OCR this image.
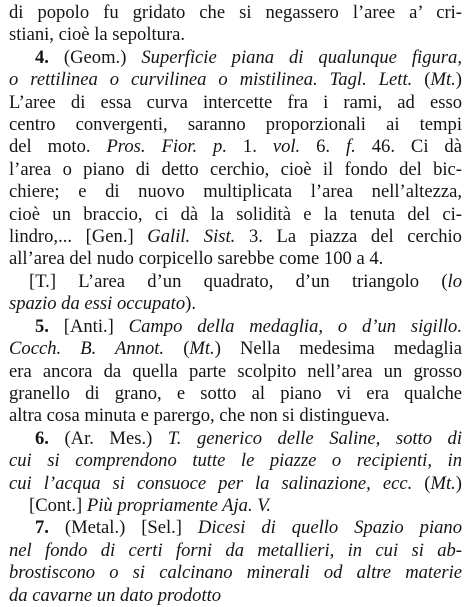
di popolo fu gridato che si negassero l’aree a’ cri-
stiani, cioè la sepoltura.
4. (Geom.) Superficie piana di qualunque figura,
o rettilinea o curvilinea o mistilinea. Tagl. Lett. (Mt.)
L’aree di essa curva intercette fra i rami, ad esso
centro convergenti, saranno proporzionali ai tempi
del moto. Pros. Fior. p. 1. vol. 6. f. 46. Ci dà
l’area o piano di detto cerchio, cioè il fondo del bic-
chiere; e di nuovo multiplicata l’area nell’altezza,
cioè un braccio, ci dà la solidità e la tenuta del ci-
lindro,... [Gen.] Galil. Sist. 3. La piazza del cerchio
all’area del nudo corpicello sarebbe come 100 a 4.
[T.] L’area d’un quadrato, d’un triangolo (lo
spazio da essi occupato).
5. [Anti.] Campo della medaglia, o d’un sigillo.
Cocch. B. Annot. (Mt.) Nella medesima medaglia
era ancora da quella parte scolpito nell’area un grosso
granello di grano, e sotto al piano vi era qualche
altra cosa minuta e parergo, che non si distingueva.
6. (Ar. Mes.) T. generico delle Saline, sotto di
cui si comprendono tutte le piazze o recipienti, in
cui l’acqua si consuoce per la salinazione, ecc. (Mt.)
[Cont.] Più propriamente Aja. V.
7. (Metal.) [Sel.] Dicesi di quello Spazio piano
nel fondo di certi forni da metallieri, in cui si ab-
brostiscono o si calcinano minerali od altre materie
da cavarne un dato prodotto
